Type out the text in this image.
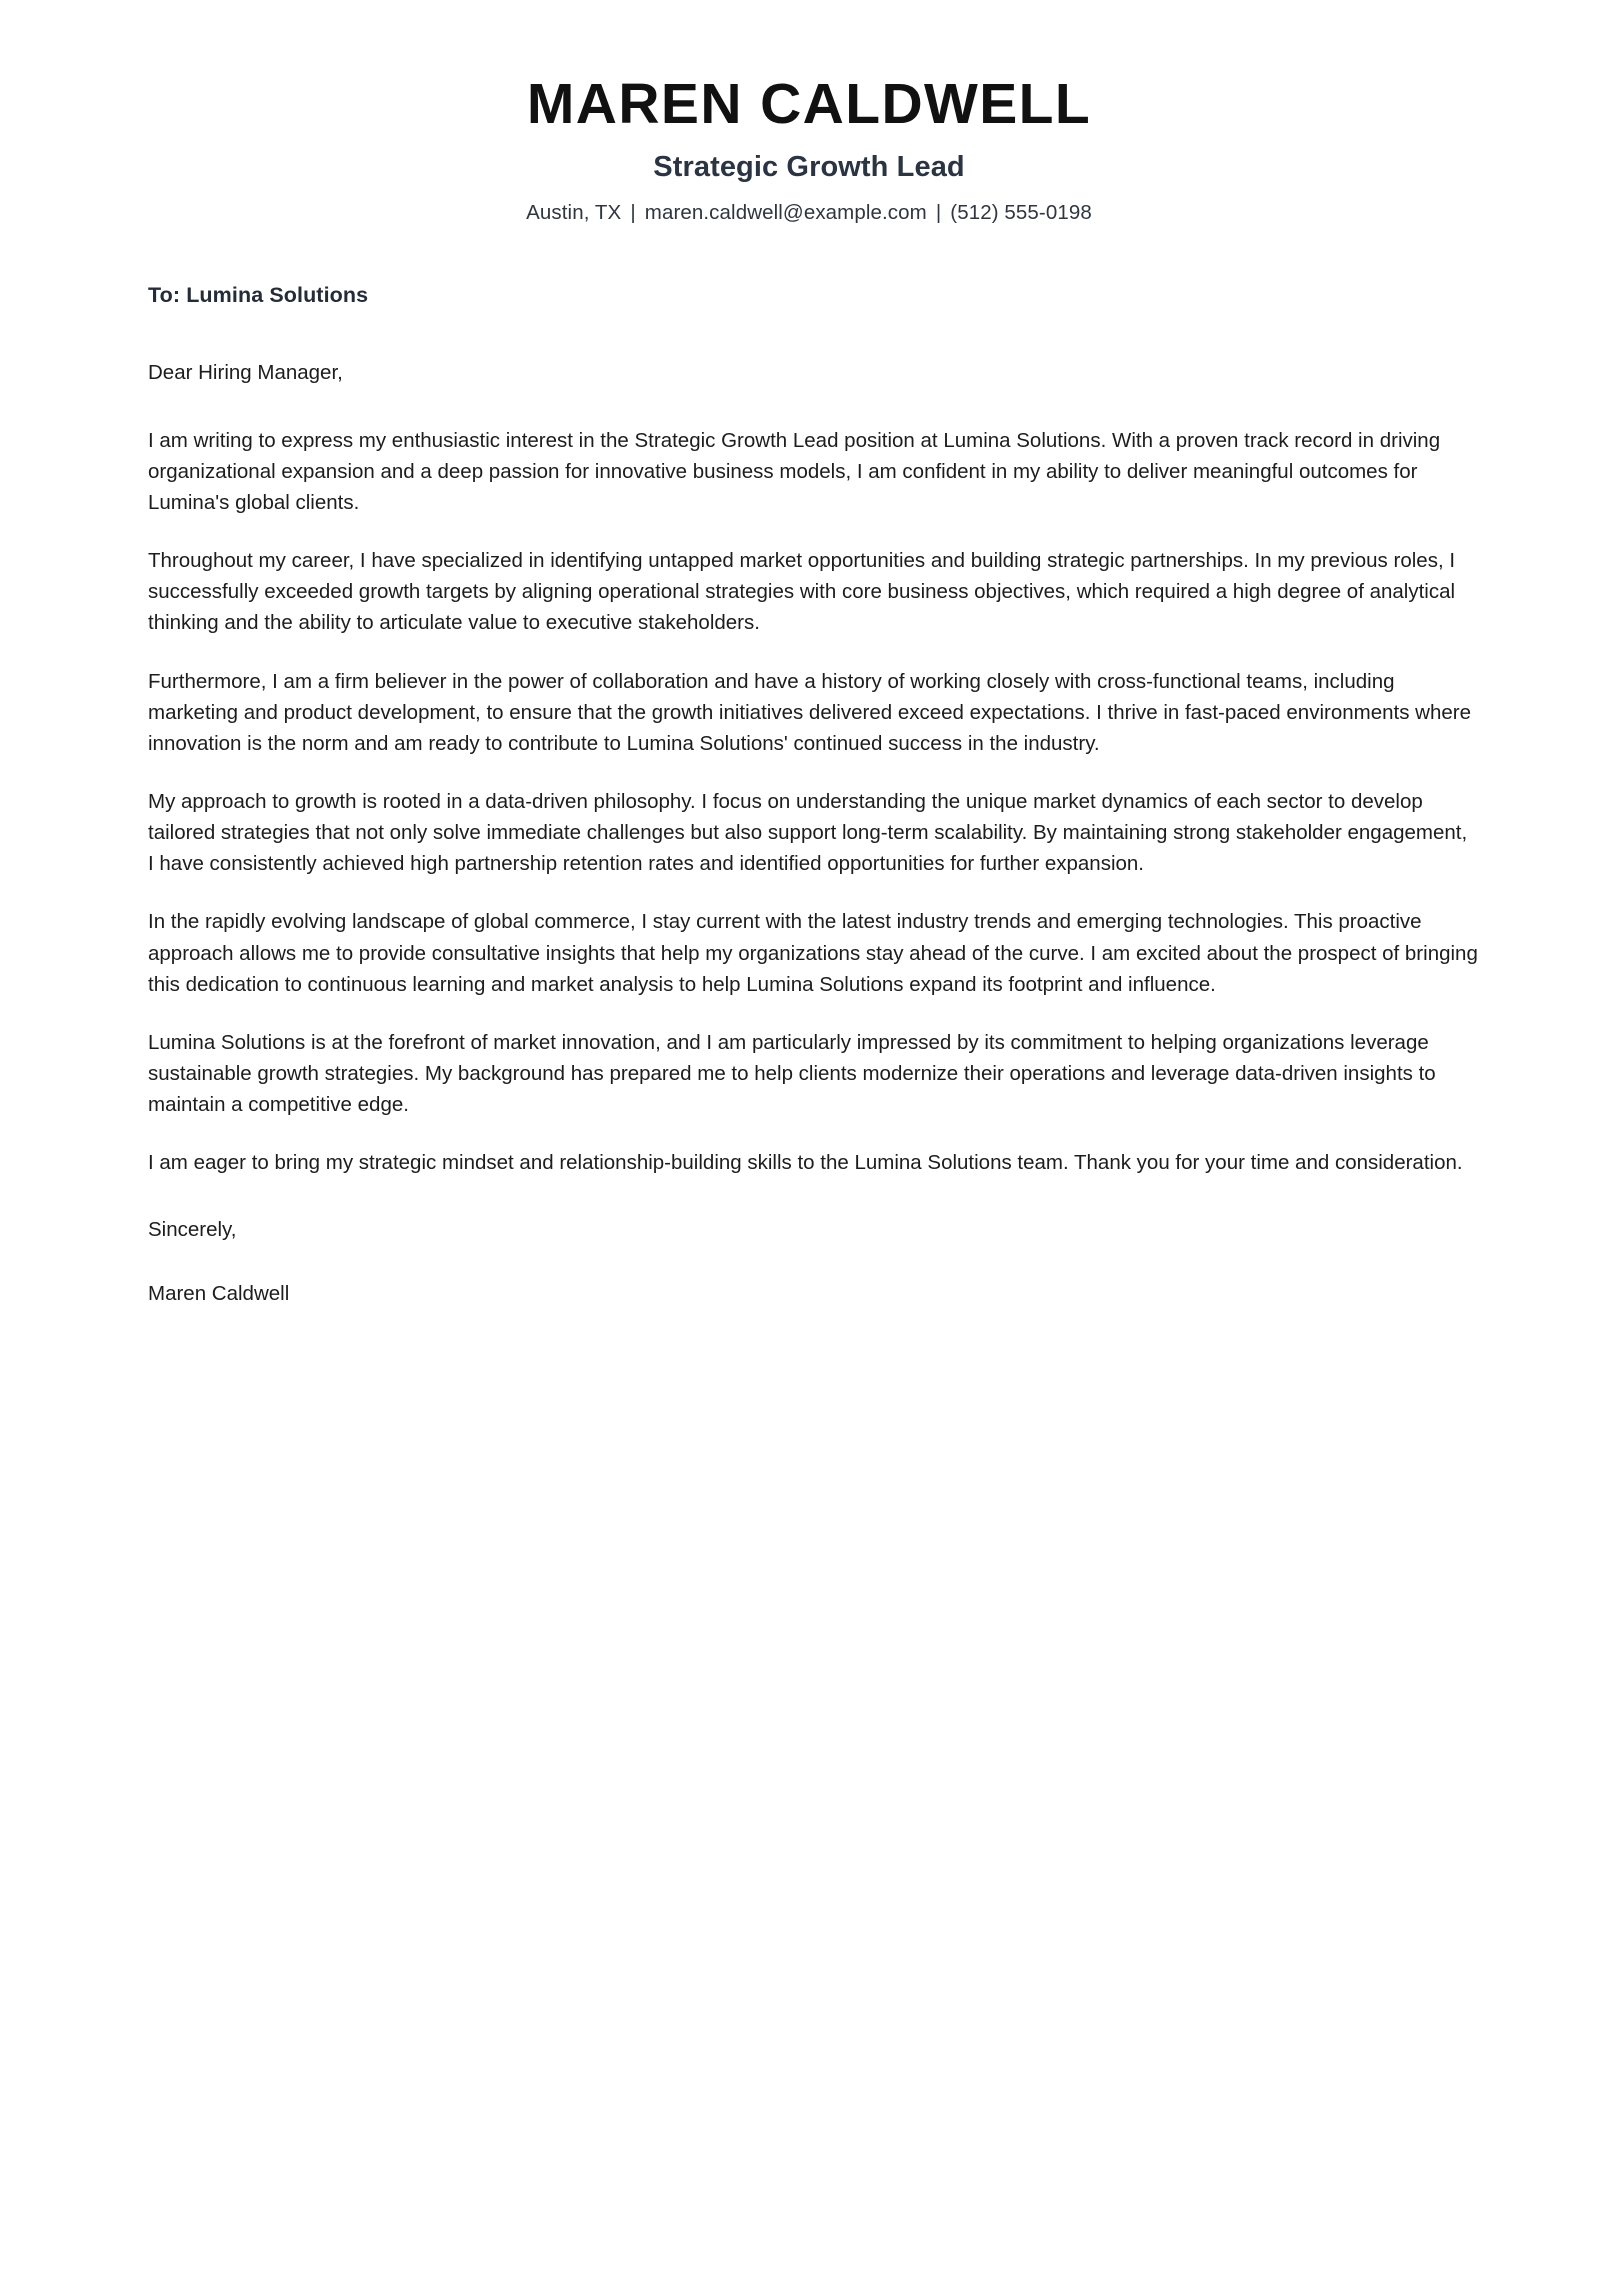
MAREN CALDWELL
Strategic Growth Lead
Austin, TX | maren.caldwell@example.com | (512) 555-0198
To: Lumina Solutions
Dear Hiring Manager,

I am writing to express my enthusiastic interest in the Strategic Growth Lead position at Lumina Solutions. With a proven track record in driving organizational expansion and a deep passion for innovative business models, I am confident in my ability to deliver meaningful outcomes for Lumina's global clients.

Throughout my career, I have specialized in identifying untapped market opportunities and building strategic partnerships. In my previous roles, I successfully exceeded growth targets by aligning operational strategies with core business objectives, which required a high degree of analytical thinking and the ability to articulate value to executive stakeholders.

Furthermore, I am a firm believer in the power of collaboration and have a history of working closely with cross-functional teams, including marketing and product development, to ensure that the growth initiatives delivered exceed expectations. I thrive in fast-paced environments where innovation is the norm and am ready to contribute to Lumina Solutions' continued success in the industry.

My approach to growth is rooted in a data-driven philosophy. I focus on understanding the unique market dynamics of each sector to develop tailored strategies that not only solve immediate challenges but also support long-term scalability. By maintaining strong stakeholder engagement, I have consistently achieved high partnership retention rates and identified opportunities for further expansion.

In the rapidly evolving landscape of global commerce, I stay current with the latest industry trends and emerging technologies. This proactive approach allows me to provide consultative insights that help my organizations stay ahead of the curve. I am excited about the prospect of bringing this dedication to continuous learning and market analysis to help Lumina Solutions expand its footprint and influence.

Lumina Solutions is at the forefront of market innovation, and I am particularly impressed by its commitment to helping organizations leverage sustainable growth strategies. My background has prepared me to help clients modernize their operations and leverage data-driven insights to maintain a competitive edge.

I am eager to bring my strategic mindset and relationship-building skills to the Lumina Solutions team. Thank you for your time and consideration.

Sincerely,
Maren Caldwell
